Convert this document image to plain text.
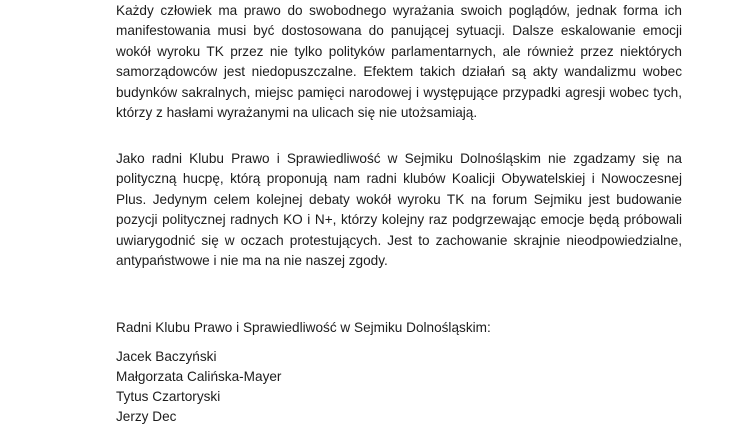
Każdy człowiek ma prawo do swobodnego wyrażania swoich poglądów, jednak forma ich manifestowania musi być dostosowana do panującej sytuacji. Dalsze eskalowanie emocji wokół wyroku TK przez nie tylko polityków parlamentarnych, ale również przez niektórych samorządowców jest niedopuszczalne. Efektem takich działań są akty wandalizmu wobec budynków sakralnych, miejsc pamięci narodowej i występujące przypadki agresji wobec tych, którzy z hasłami wyrażanymi na ulicach się nie utożsamiają.

Jako radni Klubu Prawo i Sprawiedliwość w Sejmiku Dolnośląskim nie zgadzamy się na polityczną hucpę, którą proponują nam radni klubów Koalicji Obywatelskiej i Nowoczesnej Plus. Jedynym celem kolejnej debaty wokół wyroku TK na forum Sejmiku jest budowanie pozycji politycznej radnych KO i N+, którzy kolejny raz podgrzewając emocje będą próbowali uwiarygodnić się w oczach protestujących. Jest to zachowanie skrajnie nieodpowiedzialne, antypaństwowe i nie ma na nie naszej zgody.

Radni Klubu Prawo i Sprawiedliwość w Sejmiku Dolnośląskim:

Jacek Baczyński
Małgorzata Calińska-Mayer
Tytus Czartoryski
Jerzy Dec
